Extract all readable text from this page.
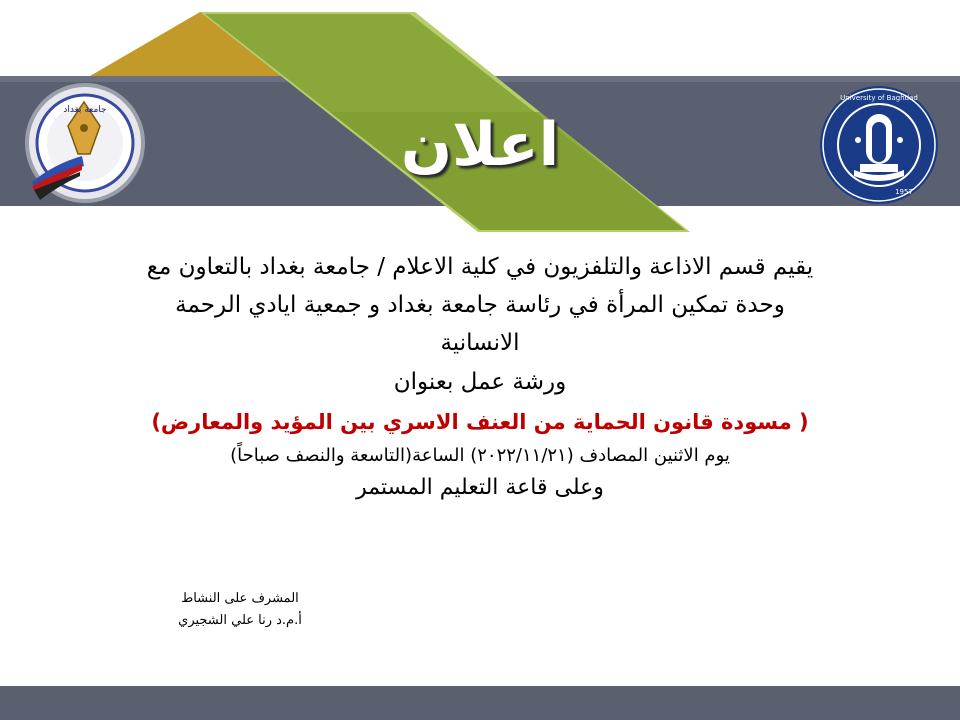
اعلان
جامعة بغداد
University of Baghdad
1957
يقيم قسم الاذاعة والتلفزيون في كلية الاعلام / جامعة بغداد بالتعاون مع
وحدة تمكين المرأة في رئاسة جامعة بغداد و جمعية ايادي الرحمة
الانسانية
ورشة عمل بعنوان
( مسودة قانون الحماية من العنف الاسري بين المؤيد والمعارض)
يوم الاثنين المصادف (٢٠٢٢/١١/٢١) الساعة(التاسعة والنصف صباحاً)
وعلى قاعة التعليم المستمر
المشرف على النشاط
أ.م.د رنا علي الشجيري
